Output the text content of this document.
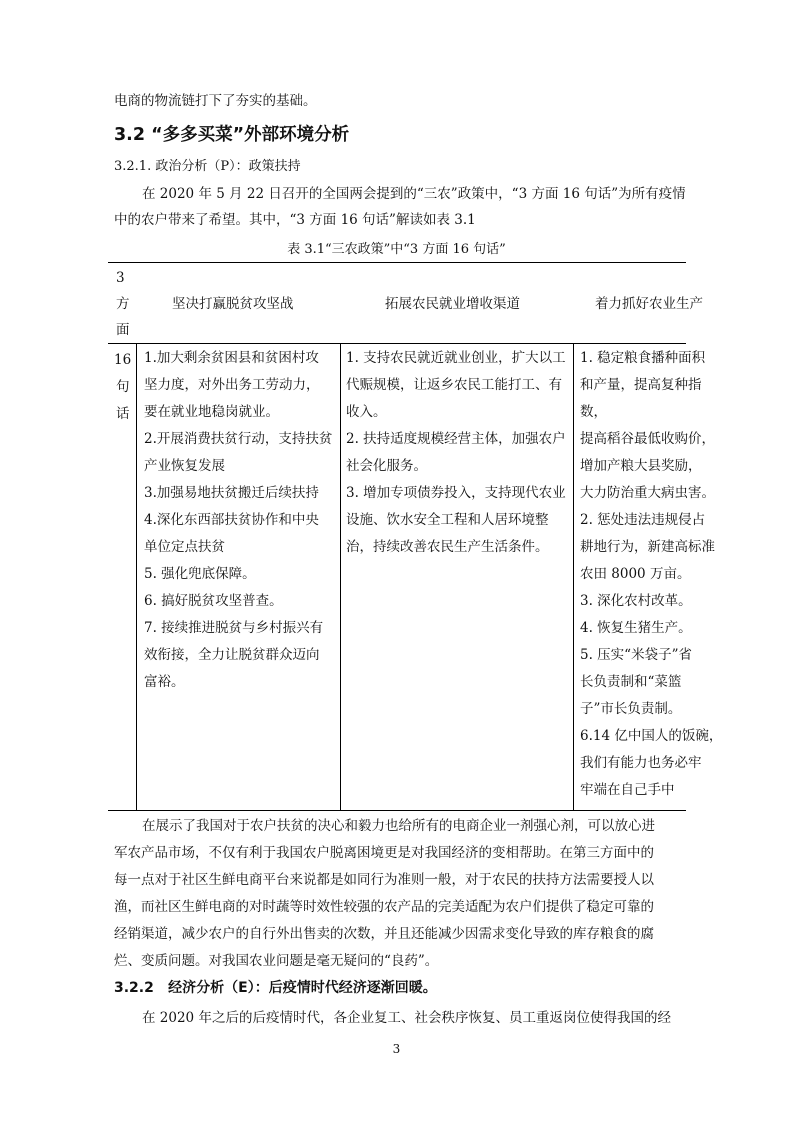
电商的物流链打下了夯实的基础。
3.2 “多多买菜”外部环境分析
3.2.1. 政治分析（P）：政策扶持
在 2020 年 5 月 22 日召开的全国两会提到的“三农”政策中，“3 方面 16 句话”为所有疫情
中的农户带来了希望。其中，“3 方面 16 句话”解读如表 3.1
表 3.1“三农政策”中“3 方面 16 句话”
3
方
面
坚决打赢脱贫攻坚战	拓展农民就业增收渠道	着力抓好农业生产
16
句
话
1.加大剩余贫困县和贫困村攻
坚力度，对外出务工劳动力，
要在就业地稳岗就业。
2.开展消费扶贫行动，支持扶贫
产业恢复发展
3.加强易地扶贫搬迁后续扶持
4.深化东西部扶贫协作和中央
单位定点扶贫
5. 强化兜底保障。
6. 搞好脱贫攻坚普查。
7. 接续推进脱贫与乡村振兴有
效衔接，全力让脱贫群众迈向
富裕。
1. 支持农民就近就业创业，扩大以工
代赈规模，让返乡农民工能打工、有
收入。
2. 扶持适度规模经营主体，加强农户
社会化服务。
3. 增加专项债券投入，支持现代农业
设施、饮水安全工程和人居环境整
治，持续改善农民生产生活条件。
1. 稳定粮食播种面积
和产量，提高复种指
数，
提高稻谷最低收购价，
增加产粮大县奖励，
大力防治重大病虫害。
2. 惩处违法违规侵占
耕地行为，新建高标准
农田 8000 万亩。
3. 深化农村改革。
4. 恢复生猪生产。
5. 压实“米袋子”省
长负责制和“菜篮
子”市长负责制。
6.14 亿中国人的饭碗，
我们有能力也务必牢
牢端在自己手中
在展示了我国对于农户扶贫的决心和毅力也给所有的电商企业一剂强心剂，可以放心进
军农产品市场，不仅有利于我国农户脱离困境更是对我国经济的变相帮助。在第三方面中的
每一点对于社区生鲜电商平台来说都是如同行为准则一般，对于农民的扶持方法需要授人以
渔，而社区生鲜电商的对时蔬等时效性较强的农产品的完美适配为农户们提供了稳定可靠的
经销渠道，减少农户的自行外出售卖的次数，并且还能减少因需求变化导致的库存粮食的腐
烂、变质问题。对我国农业问题是毫无疑问的“良药”。
3.2.2 经济分析（E）：后疫情时代经济逐渐回暖。
在 2020 年之后的后疫情时代，各企业复工、社会秩序恢复、员工重返岗位使得我国的经
3
